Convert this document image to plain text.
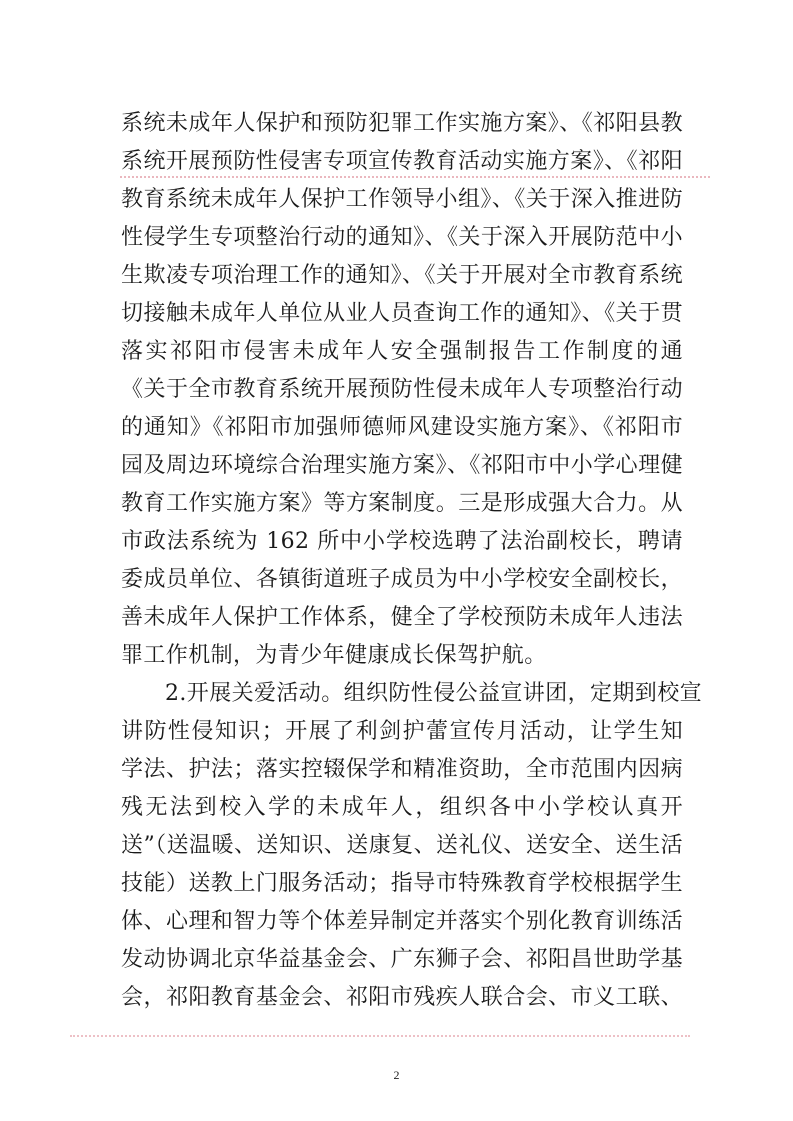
系统未成年人保护和预防犯罪工作实施方案》、《祁阳县教
系统开展预防性侵害专项宣传教育活动实施方案》、《祁阳
教育系统未成年人保护工作领导小组》、《关于深入推进防
性侵学生专项整治行动的通知》、《关于深入开展防范中小
生欺凌专项治理工作的通知》、《关于开展对全市教育系统
切接触未成年人单位从业人员查询工作的通知》、《关于贯
落实祁阳市侵害未成年人安全强制报告工作制度的通
《关于全市教育系统开展预防性侵未成年人专项整治行动
的通知》《祁阳市加强师德师风建设实施方案》、《祁阳市
园及周边环境综合治理实施方案》、《祁阳市中小学心理健
教育工作实施方案》等方案制度。三是形成强大合力。从
市政法系统为 162 所中小学校选聘了法治副校长，聘请
委成员单位、各镇街道班子成员为中小学校安全副校长，
善未成年人保护工作体系，健全了学校预防未成年人违法
罪工作机制，为青少年健康成长保驾护航。
2.开展关爱活动。组织防性侵公益宣讲团，定期到校宣
讲防性侵知识；开展了利剑护蕾宣传月活动，让学生知
学法、护法；落实控辍保学和精准资助，全市范围内因病
残无法到校入学的未成年人，组织各中小学校认真开
送”（送温暖、送知识、送康复、送礼仪、送安全、送生活
技能）送教上门服务活动；指导市特殊教育学校根据学生
体、心理和智力等个体差异制定并落实个别化教育训练活
发动协调北京华益基金会、广东狮子会、祁阳昌世助学基
会，祁阳教育基金会、祁阳市残疾人联合会、市义工联、
2
